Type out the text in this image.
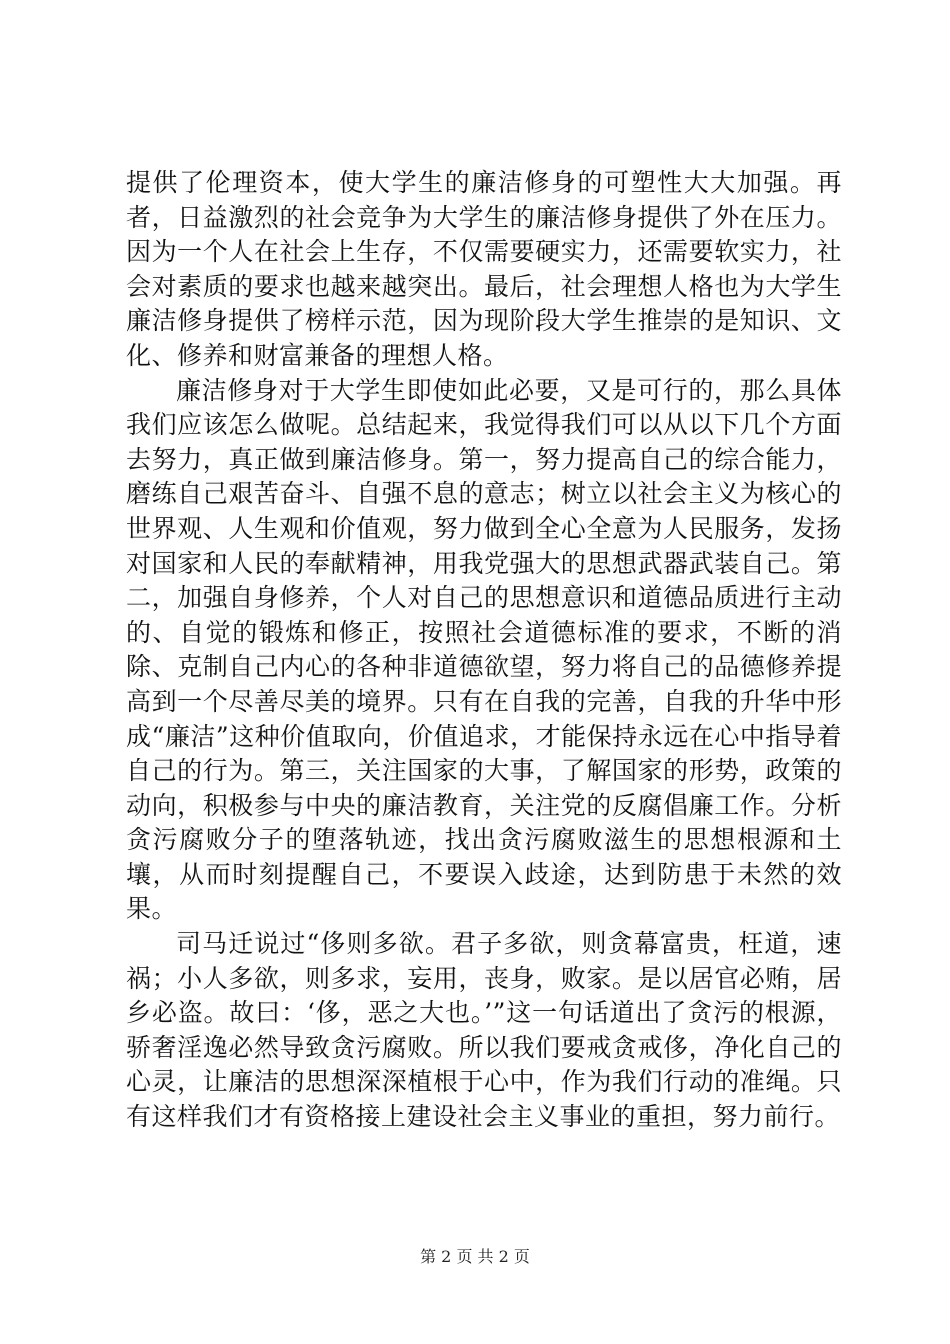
提供了伦理资本，使大学生的廉洁修身的可塑性大大加强。再者，日益激烈的社会竞争为大学生的廉洁修身提供了外在压力。因为一个人在社会上生存，不仅需要硬实力，还需要软实力，社会对素质的要求也越来越突出。最后，社会理想人格也为大学生廉洁修身提供了榜样示范，因为现阶段大学生推崇的是知识、文化、修养和财富兼备的理想人格。

廉洁修身对于大学生即使如此必要，又是可行的，那么具体我们应该怎么做呢。总结起来，我觉得我们可以从以下几个方面去努力，真正做到廉洁修身。第一，努力提高自己的综合能力，磨练自己艰苦奋斗、自强不息的意志；树立以社会主义为核心的世界观、人生观和价值观，努力做到全心全意为人民服务，发扬对国家和人民的奉献精神，用我党强大的思想武器武装自己。第二，加强自身修养，个人对自己的思想意识和道德品质进行主动的、自觉的锻炼和修正，按照社会道德标准的要求，不断的消除、克制自己内心的各种非道德欲望，努力将自己的品德修养提高到一个尽善尽美的境界。只有在自我的完善，自我的升华中形成“廉洁”这种价值取向，价值追求，才能保持永远在心中指导着自己的行为。第三，关注国家的大事，了解国家的形势，政策的动向，积极参与中央的廉洁教育，关注党的反腐倡廉工作。分析贪污腐败分子的堕落轨迹，找出贪污腐败滋生的思想根源和土壤，从而时刻提醒自己，不要误入歧途，达到防患于未然的效果。

司马迁说过“侈则多欲。君子多欲，则贪幕富贵，枉道，速祸；小人多欲，则多求，妄用，丧身，败家。是以居官必贿，居乡必盗。故曰：‘侈，恶之大也。’”这一句话道出了贪污的根源，骄奢淫逸必然导致贪污腐败。所以我们要戒贪戒侈，净化自己的心灵，让廉洁的思想深深植根于心中，作为我们行动的准绳。只有这样我们才有资格接上建设社会主义事业的重担，努力前行。

第 2 页 共 2 页
